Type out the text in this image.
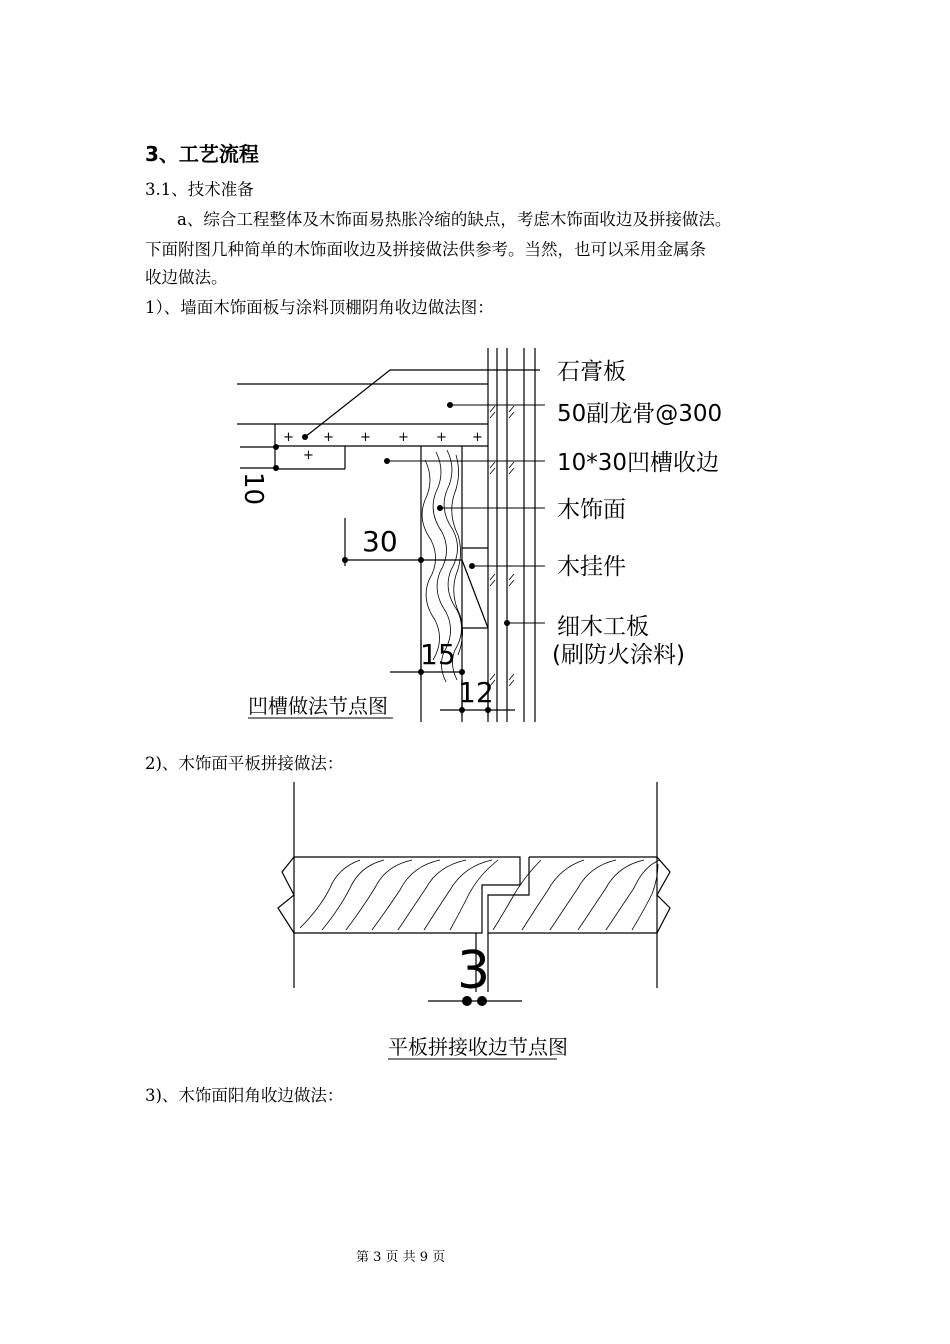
3、工艺流程
3.1、技术准备
a、综合工程整体及木饰面易热胀冷缩的缺点，考虑木饰面收边及拼接做法。
下面附图几种简单的木饰面收边及拼接做法供参考。当然，也可以采用金属条
收边做法。
1）、墙面木饰面板与涂料顶棚阴角收边做法图：
+ + + + + +
+
石膏板
50副龙骨@300
10*30凹槽收边
木饰面
木挂件
细木工板
(刷防火涂料)
30
15
12
10
凹槽做法节点图
2)、木饰面平板拼接做法：
3
平板拼接收边节点图
3)、木饰面阳角收边做法：
第 3 页 共 9 页
